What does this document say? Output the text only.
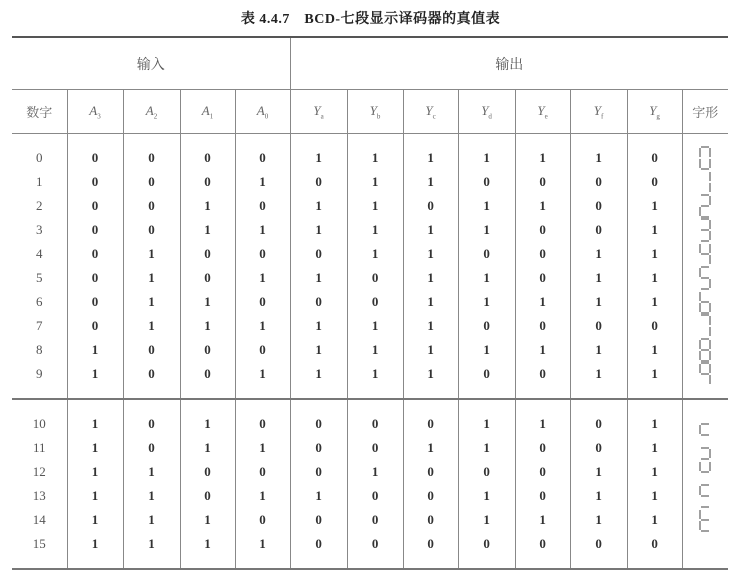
表 4.4.7　BCD-七段显示译码器的真值表
输入					输出							
数字	$A_3$	$A_2$	$A_1$	$A_0$	$Y_a$	$Y_b$	$Y_c$	$Y_d$	$Y_e$	$Y_f$	$Y_g$	字形

0	0	0	0	0	1	1	1	1	1	1	0	

1	0	0	0	1	0	1	1	0	0	0	0	

2	0	0	1	0	1	1	0	1	1	0	1	

3	0	0	1	1	1	1	1	1	0	0	1	

4	0	1	0	0	0	1	1	0	0	1	1	

5	0	1	0	1	1	0	1	1	0	1	1	

6	0	1	1	0	0	0	1	1	1	1	1	

7	0	1	1	1	1	1	1	0	0	0	0	

8	1	0	0	0	1	1	1	1	1	1	1	

9	1	0	0	1	1	1	1	0	0	1	1	

10	1	0	1	0	0	0	0	1	1	0	1	

11	1	0	1	1	0	0	1	1	0	0	1	

12	1	1	0	0	0	1	0	0	0	1	1	

13	1	1	0	1	1	0	0	1	0	1	1	

14	1	1	1	0	0	0	0	1	1	1	1	

15	1	1	1	1	0	0	0	0	0	0	0	
